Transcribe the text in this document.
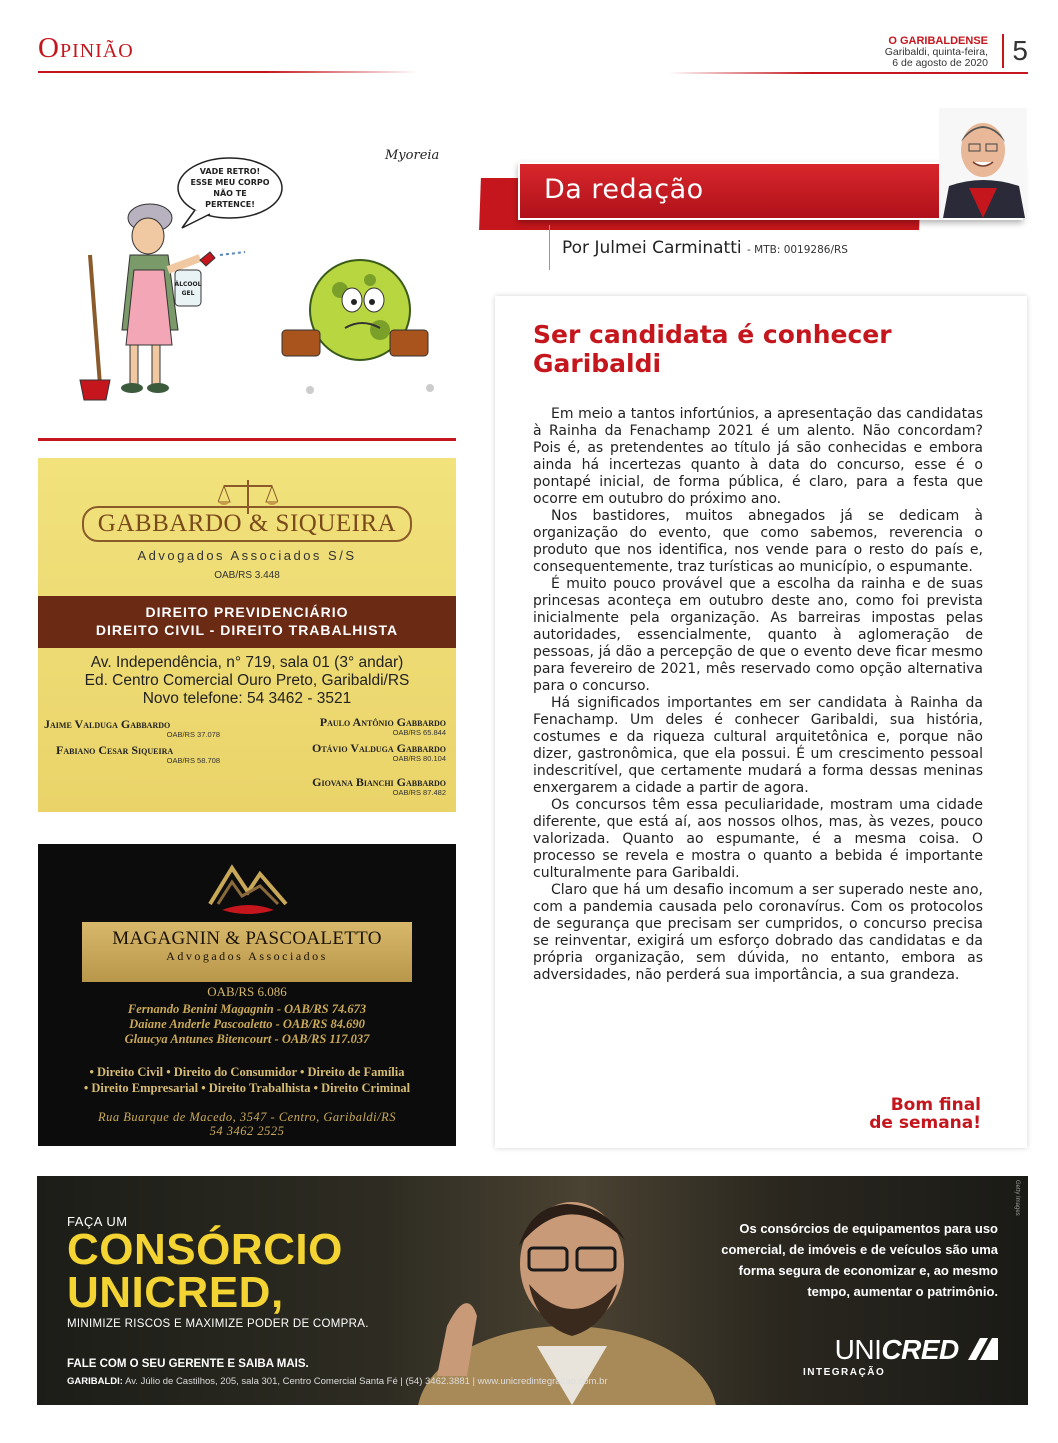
Opinião	O GARIBALDENSE
Garibaldi, quinta-feira,
6 de agosto de 2020 5
VADE RETRO!
ESSE MEU CORPO
NÃO TE
PERTENCE!
ÁLCOOL
GEL
Myoreia
GABBARDO & SIQUEIRA
Advogados Associados S/S
OAB/RS 3.448
DIREITO PREVIDENCIÁRIO
DIREITO CIVIL - DIREITO TRABALHISTA
Av. Independência, n° 719, sala 01 (3° andar)
Ed. Centro Comercial Ouro Preto, Garibaldi/RS
Novo telefone: 54 3462 - 3521
Jaime Valduga Gabbardo
OAB/RS 37.078
Paulo Antônio Gabbardo
OAB/RS 65.844
Fabiano Cesar Siqueira
OAB/RS 58.708
Otávio Valduga Gabbardo
OAB/RS 80.104
Giovana Bianchi Gabbardo
OAB/RS 87.482
MAGAGNIN & PASCOALETTO
Advogados Associados
OAB/RS 6.086
Fernando Benini Magagnin - OAB/RS 74.673
Daiane Anderle Pascoaletto - OAB/RS 84.690
Glaucya Antunes Bitencourt - OAB/RS 117.037
• Direito Civil • Direito do Consumidor • Direito de Família
• Direito Empresarial • Direito Trabalhista • Direito Criminal
Rua Buarque de Macedo, 3547 - Centro, Garibaldi/RS
54 3462 2525
Da redação
Por Julmei Carminatti - MTB: 0019286/RS
Ser candidata é conhecer
Garibaldi

Em meio a tantos infortúnios, a apresentação das candidatas à Rainha da Fenachamp 2021 é um alento. Não concordam? Pois é, as pretendentes ao título já são conhecidas e embora ainda há incertezas quanto à data do concurso, esse é o pontapé inicial, de forma pública, é claro, para a festa que ocorre em outubro do próximo ano.

Nos bastidores, muitos abnegados já se dedicam à organização do evento, que como sabemos, reverencia o produto que nos identifica, nos vende para o resto do país e, consequentemente, traz turísticas ao município, o espumante.

É muito pouco provável que a escolha da rainha e de suas princesas aconteça em outubro deste ano, como foi prevista inicialmente pela organização. As barreiras impostas pelas autoridades, essencialmente, quanto à aglomeração de pessoas, já dão a percepção de que o evento deve ficar mesmo para fevereiro de 2021, mês reservado como opção alternativa para o concurso.

Há significados importantes em ser candidata à Rainha da Fenachamp. Um deles é conhecer Garibaldi, sua história, costumes e da riqueza cultural arquitetônica e, porque não dizer, gastronômica, que ela possui. É um crescimento pessoal indescritível, que certamente mudará a forma dessas meninas enxergarem a cidade a partir de agora.

Os concursos têm essa peculiaridade, mostram uma cidade diferente, que está aí, aos nossos olhos, mas, às vezes, pouco valorizada. Quanto ao espumante, é a mesma coisa. O processo se revela e mostra o quanto a bebida é importante culturalmente para Garibaldi.

Claro que há um desafio incomum a ser superado neste ano, com a pandemia causada pelo coronavírus. Com os protocolos de segurança que precisam ser cumpridos, o concurso precisa se reinventar, exigirá um esforço dobrado das candidatas e da própria organização, sem dúvida, no entanto, embora as adversidades, não perderá sua importância, a sua grandeza.

Bom final
de semana!
FAÇA UM
CONSÓRCIO
UNICRED,
MINIMIZE RISCOS E MAXIMIZE PODER DE COMPRA.
FALE COM O SEU GERENTE E SAIBA MAIS.
GARIBALDI: Av. Júlio de Castilhos, 205, sala 301, Centro Comercial Santa Fé | (54) 3462.3881 | www.unicredintegracao.com.br
Os consórcios de equipamentos para uso comercial, de imóveis e de veículos são uma forma segura de economizar e, ao mesmo tempo, aumentar o patrimônio.
UNICRED
INTEGRAÇÃO
Getty Images
